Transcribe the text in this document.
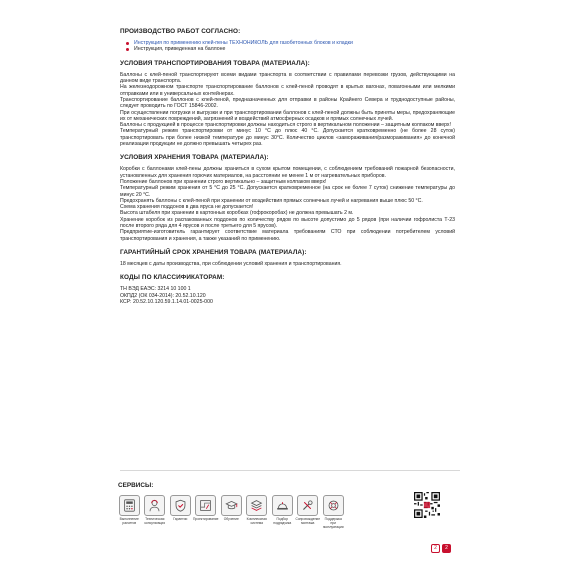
ПРОИЗВОДСТВО РАБОТ СОГЛАСНО:
Инструкция по применению клей-пены ТЕХНОНИКОЛЬ для газобетонных блоков и кладки
Инструкция, приведенная на баллоне
УСЛОВИЯ ТРАНСПОРТИРОВАНИЯ ТОВАРА (МАТЕРИАЛА):

Баллоны с клей-пеной транспортируют всеми видами транспорта в соответствии с правилами перевозки грузов, действующими на данном виде транспорта.

На железнодорожном транспорте транспортирование баллонов с клей-пеной проводят в крытых вагонах, повагонными или мелкими отправками или в универсальных контейнерах.

Транспортирование баллонов с клей-пеной, предназначенных для отправки в районы Крайнего Севера и труднодоступные районы, следует проводить по ГОСТ 15846-2002.

При осуществлении погрузки и выгрузки и при транспортировании баллонов с клей-пеной должны быть приняты меры, предохраняющие их от механических повреждений, загрязнений и воздействий атмосферных осадков и прямых солнечных лучей.

Баллоны с продукцией в процессе транспортировки должны находиться строго в вертикальном положении – защитным колпаком вверх!

Температурный режим транспортировки от минус 10 °С до плюс 40 °С. Допускается кратковременно (не более 28 суток) транспортировать при более низкой температуре до минус 30°С. Количество циклов «замораживания/размораживания» до конечной реализации продукции не должно превышать четырех раз.

УСЛОВИЯ ХРАНЕНИЯ ТОВАРА (МАТЕРИАЛА):

Коробки с баллонами клей-пены должны храниться в сухом крытом помещении, с соблюдением требований пожарной безопасности, установленных для хранения горючих материалов, на расстоянии не менее 1 м от нагревательных приборов.

Положение баллонов при хранении строго вертикально – защитным колпаком вверх!

Температурный режим хранения от 5 °С до 25 °С. Допускается кратковременное (на срок не более 7 суток) снижение температуры до минус 20 °С.

Предохранять баллоны с клей-пеной при хранении от воздействия прямых солнечных лучей и нагревания выше плюс 50 °С.

Схема хранения поддонов в два яруса не допускается!

Высота штабеля при хранении в картонных коробках (гофрокоробах) не должна превышать 2 м.

Хранение коробок из распакованных поддонов по количеству рядов по высоте допустимо до 5 рядов (при наличии гофролиста Т-23 после второго ряда для 4 ярусов и после третьего для 5 ярусов).

Предприятие-изготовитель гарантирует соответствие материала требованиям СТО при соблюдении потребителем условий транспортирования и хранения, а также указаний по применению.

ГАРАНТИЙНЫЙ СРОК ХРАНЕНИЯ ТОВАРА (МАТЕРИАЛА):

18 месяцев с даты производства, при соблюдении условий хранения и транспортирования.

КОДЫ ПО КЛАССИФИКАТОРАМ:

ТН ВЭД ЕАЭС: 3214 10 100 1

ОКПД2 (ОК 034-2014): 20.52.10.120

КСР: 20.52.10.120.59.1.14.01-0025-000

СЕРВИСЫ:
Выполнение расчетов
Техническая консультация
Гарантии Проектирование Обучение	Комплексная система
Подбор подрядчика
Сопровождение монтажа
Поддержка при эксплуатации
2	2
